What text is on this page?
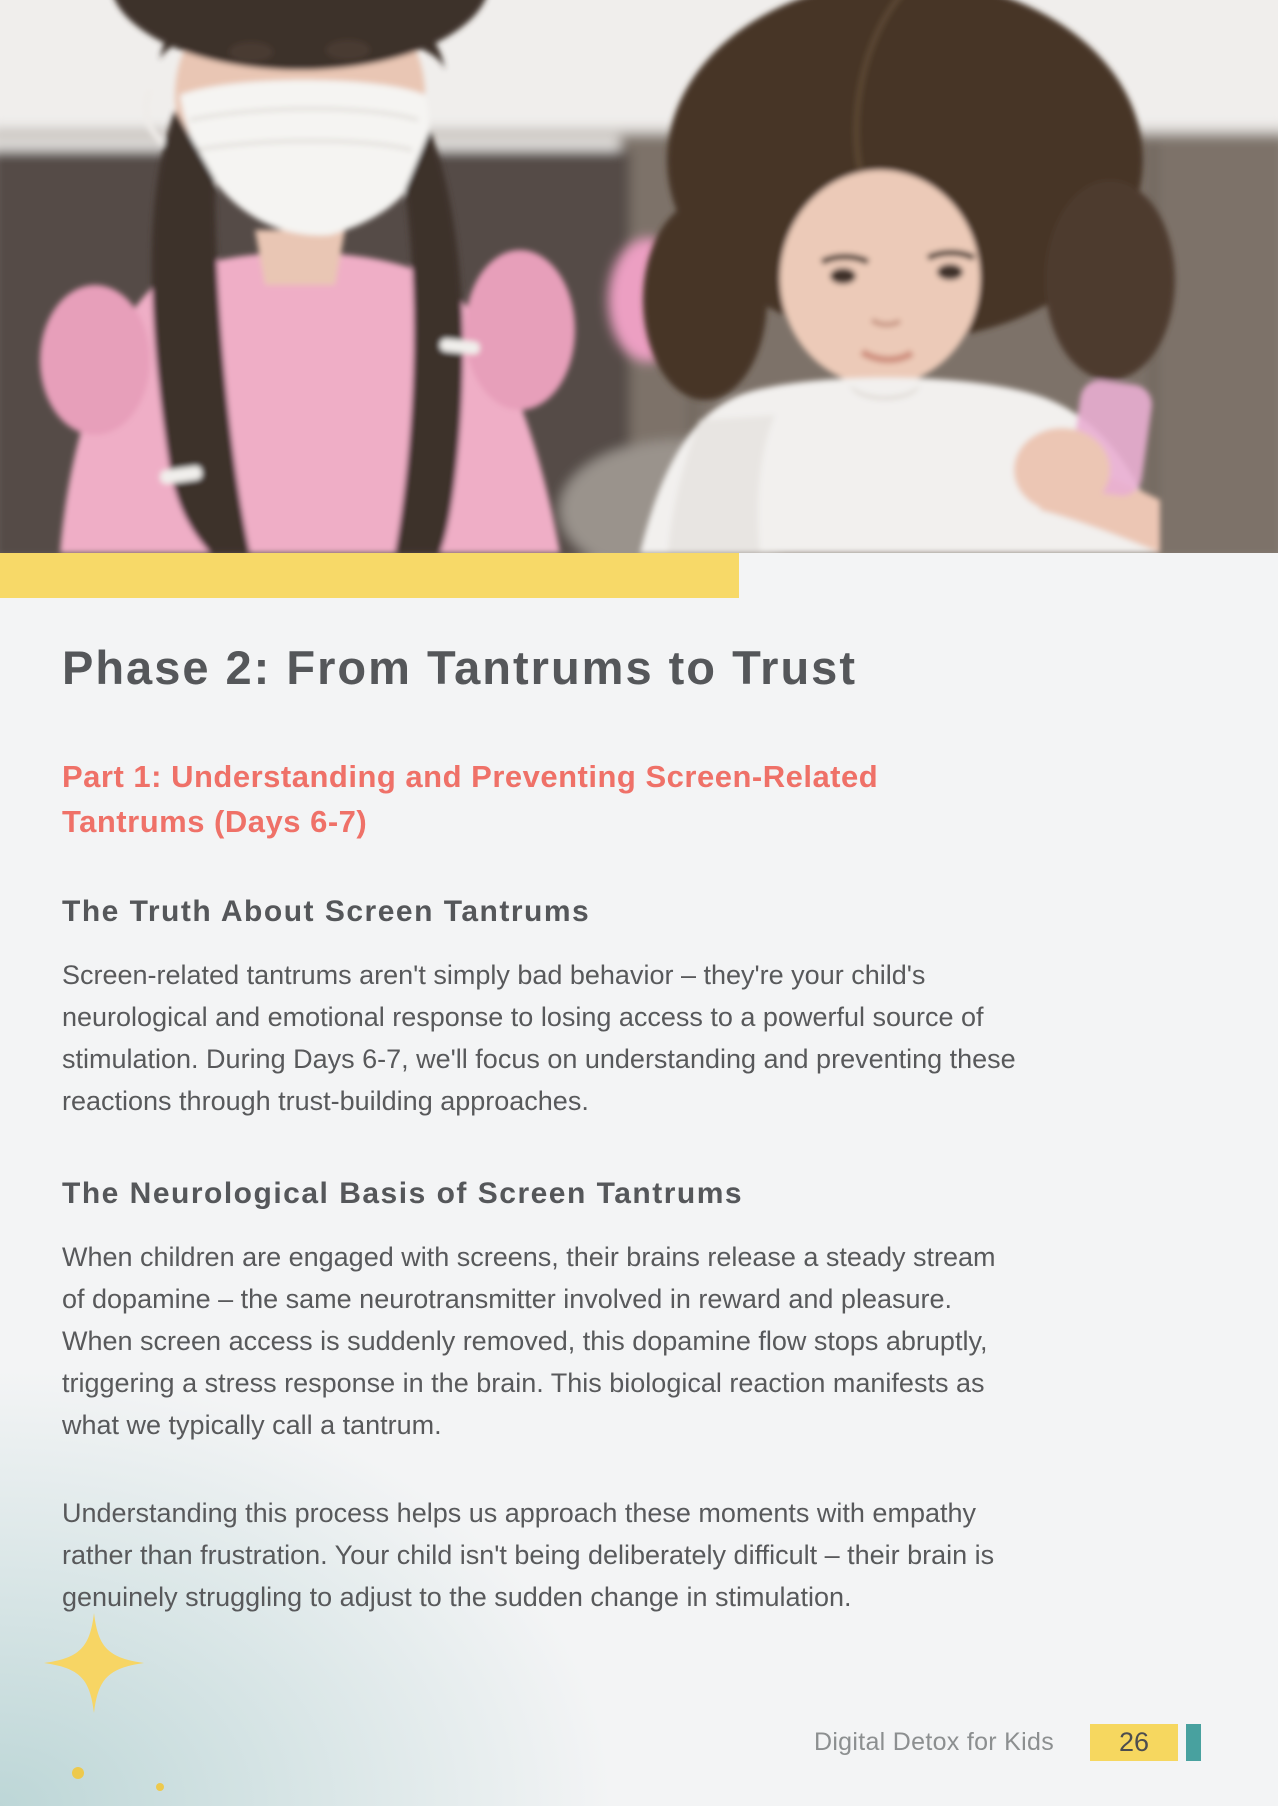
Phase 2: From Tantrums to Trust
Part 1: Understanding and Preventing Screen-Related Tantrums (Days 6-7)
The Truth About Screen Tantrums

Screen-related tantrums aren't simply bad behavior – they're your child's neurological and emotional response to losing access to a powerful source of stimulation. During Days 6-7, we'll focus on understanding and preventing these reactions through trust-building approaches.

The Neurological Basis of Screen Tantrums

When children are engaged with screens, their brains release a steady stream of dopamine – the same neurotransmitter involved in reward and pleasure. When screen access is suddenly removed, this dopamine flow stops abruptly, triggering a stress response in the brain. This biological reaction manifests as what we typically call a tantrum.

Understanding this process helps us approach these moments with empathy rather than frustration. Your child isn't being deliberately difficult – their brain is genuinely struggling to adjust to the sudden change in stimulation.

Digital Detox for Kids	26
